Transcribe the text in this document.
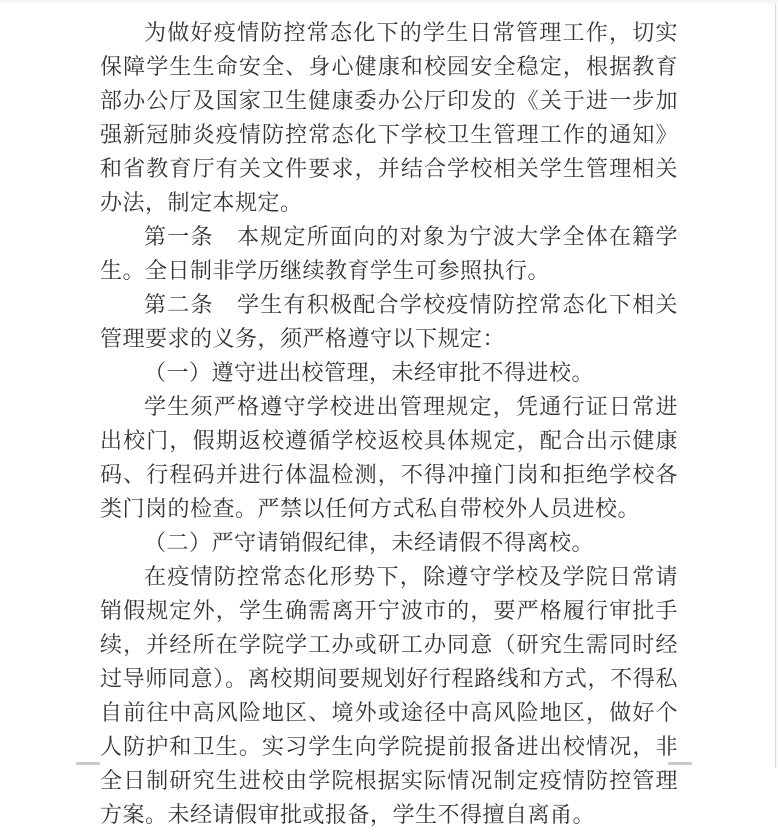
为做好疫情防控常态化下的学生日常管理工作，切实保障学生生命安全、身心健康和校园安全稳定，根据教育部办公厅及国家卫生健康委办公厅印发的《关于进一步加强新冠肺炎疫情防控常态化下学校卫生管理工作的通知》和省教育厅有关文件要求，并结合学校相关学生管理相关办法，制定本规定。

第一条　本规定所面向的对象为宁波大学全体在籍学生。全日制非学历继续教育学生可参照执行。

第二条　学生有积极配合学校疫情防控常态化下相关管理要求的义务，须严格遵守以下规定：

（一）遵守进出校管理，未经审批不得进校。

学生须严格遵守学校进出管理规定，凭通行证日常进出校门，假期返校遵循学校返校具体规定，配合出示健康码、行程码并进行体温检测，不得冲撞门岗和拒绝学校各类门岗的检查。严禁以任何方式私自带校外人员进校。

（二）严守请销假纪律，未经请假不得离校。

在疫情防控常态化形势下，除遵守学校及学院日常请销假规定外，学生确需离开宁波市的，要严格履行审批手续，并经所在学院学工办或研工办同意（研究生需同时经过导师同意）。离校期间要规划好行程路线和方式，不得私自前往中高风险地区、境外或途径中高风险地区，做好个人防护和卫生。实习学生向学院提前报备进出校情况，非全日制研究生进校由学院根据实际情况制定疫情防控管理方案。未经请假审批或报备，学生不得擅自离甬。
